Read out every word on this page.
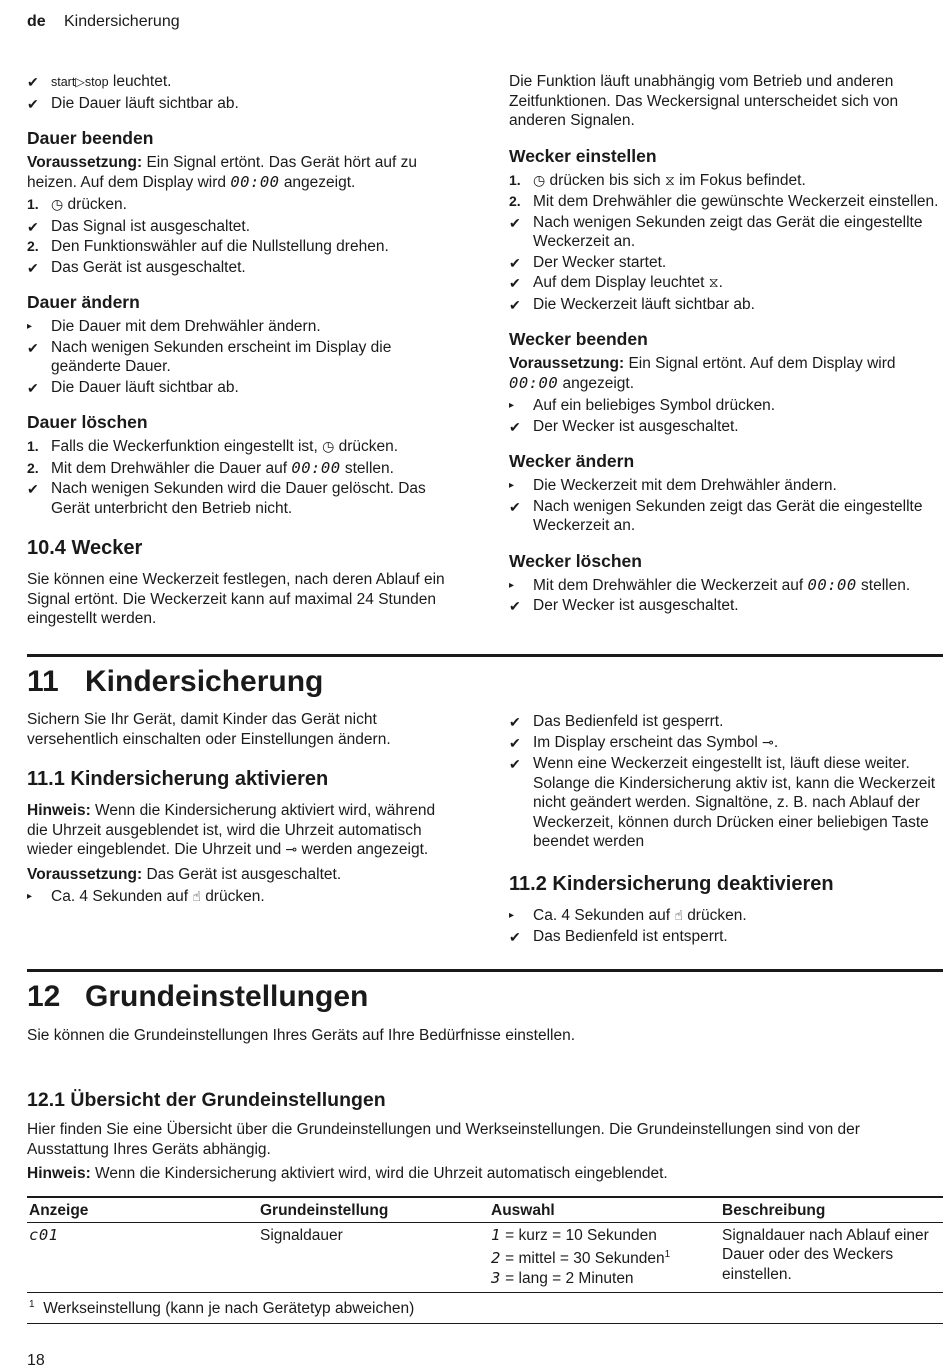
de Kindersicherung
✔ start▷stop leuchtet.
✔ Die Dauer läuft sichtbar ab.
Dauer beenden

Voraussetzung: Ein Signal ertönt. Das Gerät hört auf zu heizen. Auf dem Display wird 00:00 angezeigt.

1. ◷ drücken.
✔ Das Signal ist ausgeschaltet.
2. Den Funktionswähler auf die Nullstellung drehen.
✔ Das Gerät ist ausgeschaltet.
Dauer ändern
▸	Die Dauer mit dem Drehwähler ändern.
✔ Nach wenigen Sekunden erscheint im Display die geänderte Dauer.
✔ Die Dauer läuft sichtbar ab.
Dauer löschen
1. Falls die Weckerfunktion eingestellt ist, ◷ drücken.
2. Mit dem Drehwähler die Dauer auf 00:00 stellen.
✔ Nach wenigen Sekunden wird die Dauer gelöscht. Das Gerät unterbricht den Betrieb nicht.
10.4 Wecker

Sie können eine Weckerzeit festlegen, nach deren Ablauf ein Signal ertönt. Die Weckerzeit kann auf maximal 24 Stunden eingestellt werden.

Die Funktion läuft unabhängig vom Betrieb und anderen Zeitfunktionen. Das Weckersignal unterscheidet sich von anderen Signalen.

Wecker einstellen
1. ◷ drücken bis sich ⧖ im Fokus befindet.
2. Mit dem Drehwähler die gewünschte Weckerzeit einstellen.
✔ Nach wenigen Sekunden zeigt das Gerät die eingestellte Weckerzeit an.
✔ Der Wecker startet.
✔ Auf dem Display leuchtet ⧖.
✔ Die Weckerzeit läuft sichtbar ab.
Wecker beenden

Voraussetzung: Ein Signal ertönt. Auf dem Display wird 00:00 angezeigt.

▸	Auf ein beliebiges Symbol drücken.
✔ Der Wecker ist ausgeschaltet.
Wecker ändern
▸	Die Weckerzeit mit dem Drehwähler ändern.
✔ Nach wenigen Sekunden zeigt das Gerät die eingestellte Weckerzeit an.
Wecker löschen
▸	Mit dem Drehwähler die Weckerzeit auf 00:00 stellen.
✔ Der Wecker ist ausgeschaltet.
11 Kindersicherung

Sichern Sie Ihr Gerät, damit Kinder das Gerät nicht versehentlich einschalten oder Einstellungen ändern.

11.1 Kindersicherung aktivieren

Hinweis: Wenn die Kindersicherung aktiviert wird, während die Uhrzeit ausgeblendet ist, wird die Uhrzeit automatisch wieder eingeblendet. Die Uhrzeit und ⊸ werden angezeigt.

Voraussetzung: Das Gerät ist ausgeschaltet.

▸	Ca. 4 Sekunden auf ☝ drücken.
✔ Das Bedienfeld ist gesperrt.
✔ Im Display erscheint das Symbol ⊸.
✔ Wenn eine Weckerzeit eingestellt ist, läuft diese weiter. Solange die Kindersicherung aktiv ist, kann die Weckerzeit nicht geändert werden. Signaltöne, z. B. nach Ablauf der Weckerzeit, können durch Drücken einer beliebigen Taste beendet werden
11.2 Kindersicherung deaktivieren
▸	Ca. 4 Sekunden auf ☝ drücken.
✔ Das Bedienfeld ist entsperrt.
12 Grundeinstellungen
Sie können die Grundeinstellungen Ihres Geräts auf Ihre Bedürfnisse einstellen.
12.1 Übersicht der Grundeinstellungen
Hier finden Sie eine Übersicht über die Grundeinstellungen und Werkseinstellungen. Die Grundeinstellungen sind von der Ausstattung Ihres Geräts abhängig.
Hinweis: Wenn die Kindersicherung aktiviert wird, wird die Uhrzeit automatisch eingeblendet.
Anzeige	Grundeinstellung	Auswahl	Beschreibung
c01	Signaldauer	1 = kurz = 10 Sekunden
2 = mittel = 30 Sekunden$^1$
3 = lang = 2 Minuten	Signaldauer nach Ablauf einer Dauer oder des Weckers einstellen.
$^1$ Werkseinstellung (kann je nach Gerätetyp abweichen)			
18
